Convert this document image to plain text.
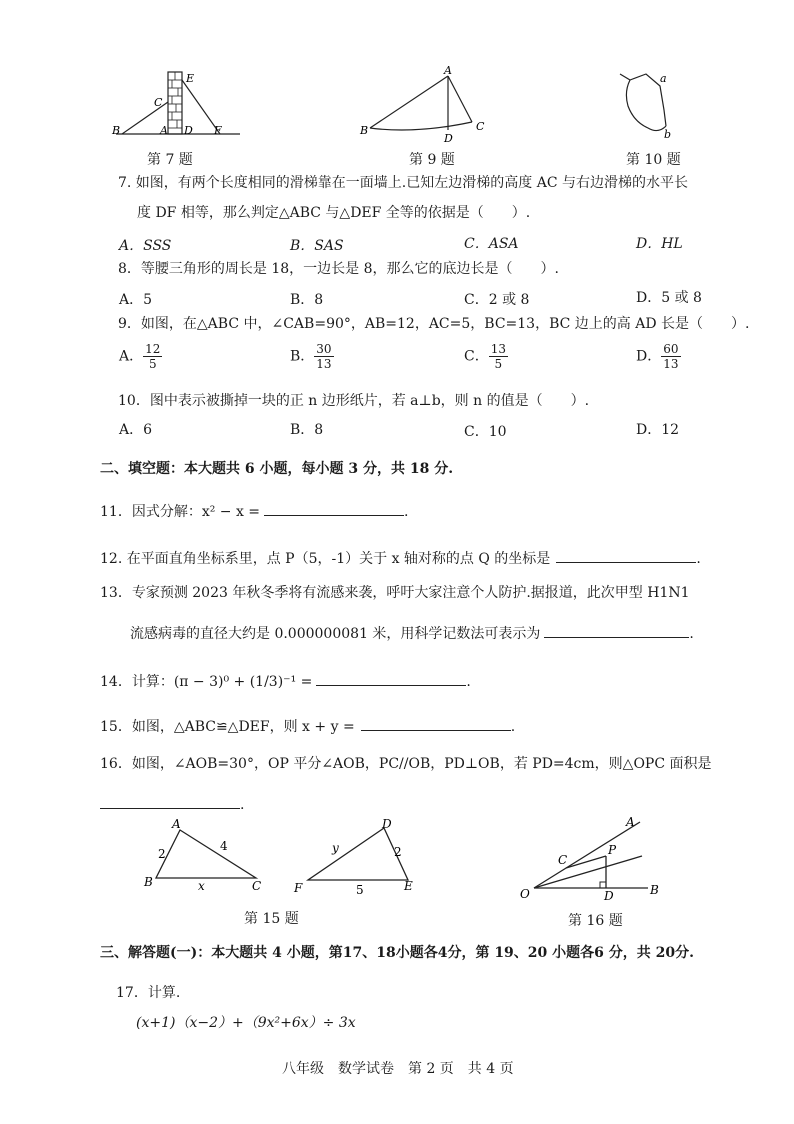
B
C
A D
E
F
第 7 题
A
B	C
D
第 9 题
a
b
第 10 题
7. 如图，有两个长度相同的滑梯靠在一面墙上.已知左边滑梯的高度 AC 与右边滑梯的水平长
度 DF 相等，那么判定△ABC 与△DEF 全等的依据是（　　）.
A．SSS	B．SAS	C．ASA	D．HL
8．等腰三角形的周长是 18，一边长是 8，那么它的底边长是（　　）.
A．5	B．8	C．2 或 8	D．5 或 8
9．如图，在△ABC 中，∠CAB=90°，AB=12，AC=5，BC=13，BC 边上的高 AD 长是（　　）.
A． $\frac{12}{5}$	B． $\frac{30}{13}$	C． $\frac{13}{5}$	D． $\frac{60}{13}$
10．图中表示被撕掉一块的正 n 边形纸片，若 a⊥b，则 n 的值是（　　）.
A．6	B．8	C．10	D．12
二、填空题：本大题共 6 小题，每小题 3 分，共 18 分.
11．因式分解：x² − x =	.
12. 在平面直角坐标系里，点 P（5，-1）关于 x 轴对称的点 Q 的坐标是	.
13．专家预测 2023 年秋冬季将有流感来袭，呼吁大家注意个人防护.据报道，此次甲型 H1N1
流感病毒的直径大约是 0.000000081 米，用科学记数法可表示为	.
14．计算：(π − 3)⁰ + (1/3)⁻¹ =	.
15．如图，△ABC≌△DEF，则 x + y =	.
16．如图，∠AOB=30°，OP 平分∠AOB，PC//OB，PD⊥OB，若 PD=4cm，则△OPC 面积是
.
A
B	C
2
4
x
D
F	E
y	2
5
第 15 题
A
B
C
P
O	D
第 16 题
三、解答题(一)：本大题共 4 小题，第17、18小题各4分，第 19、20 小题各6 分，共 20分.
17．计算.
(x+1)（x−2）+（9x²+6x）÷ 3x
八年级　数学试卷　第 2 页　共 4 页
